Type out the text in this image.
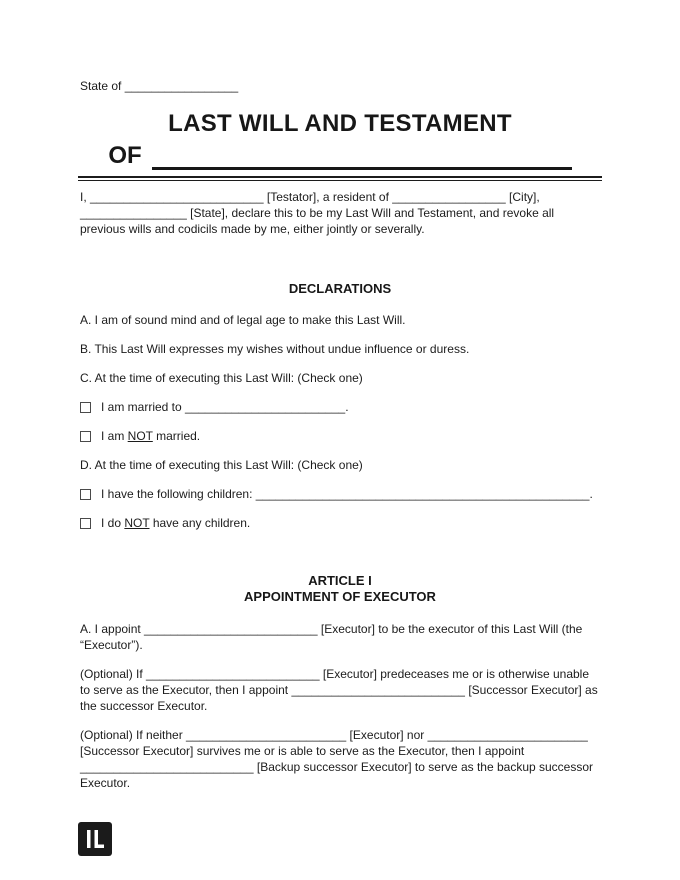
State of _________________
LAST WILL AND TESTAMENT
OF

I, __________________________ [Testator], a resident of _________________ [City], ________________ [State], declare this to be my Last Will and Testament, and revoke all previous wills and codicils made by me, either jointly or severally.

DECLARATIONS

A. I am of sound mind and of legal age to make this Last Will.

B. This Last Will expresses my wishes without undue influence or duress.

C. At the time of executing this Last Will: (Check one)

I am married to ________________________.
I am NOT married.

D. At the time of executing this Last Will: (Check one)

I have the following children: __________________________________________________.
I do NOT have any children.
ARTICLE I
APPOINTMENT OF EXECUTOR

A. I appoint __________________________ [Executor] to be the executor of this Last Will (the “Executor”).

(Optional) If __________________________ [Executor] predeceases me or is otherwise unable to serve as the Executor, then I appoint __________________________ [Successor Executor] as the successor Executor.

(Optional) If neither ________________________ [Executor] nor ________________________ [Successor Executor] survives me or is able to serve as the Executor, then I appoint __________________________ [Backup successor Executor] to serve as the backup successor Executor.
